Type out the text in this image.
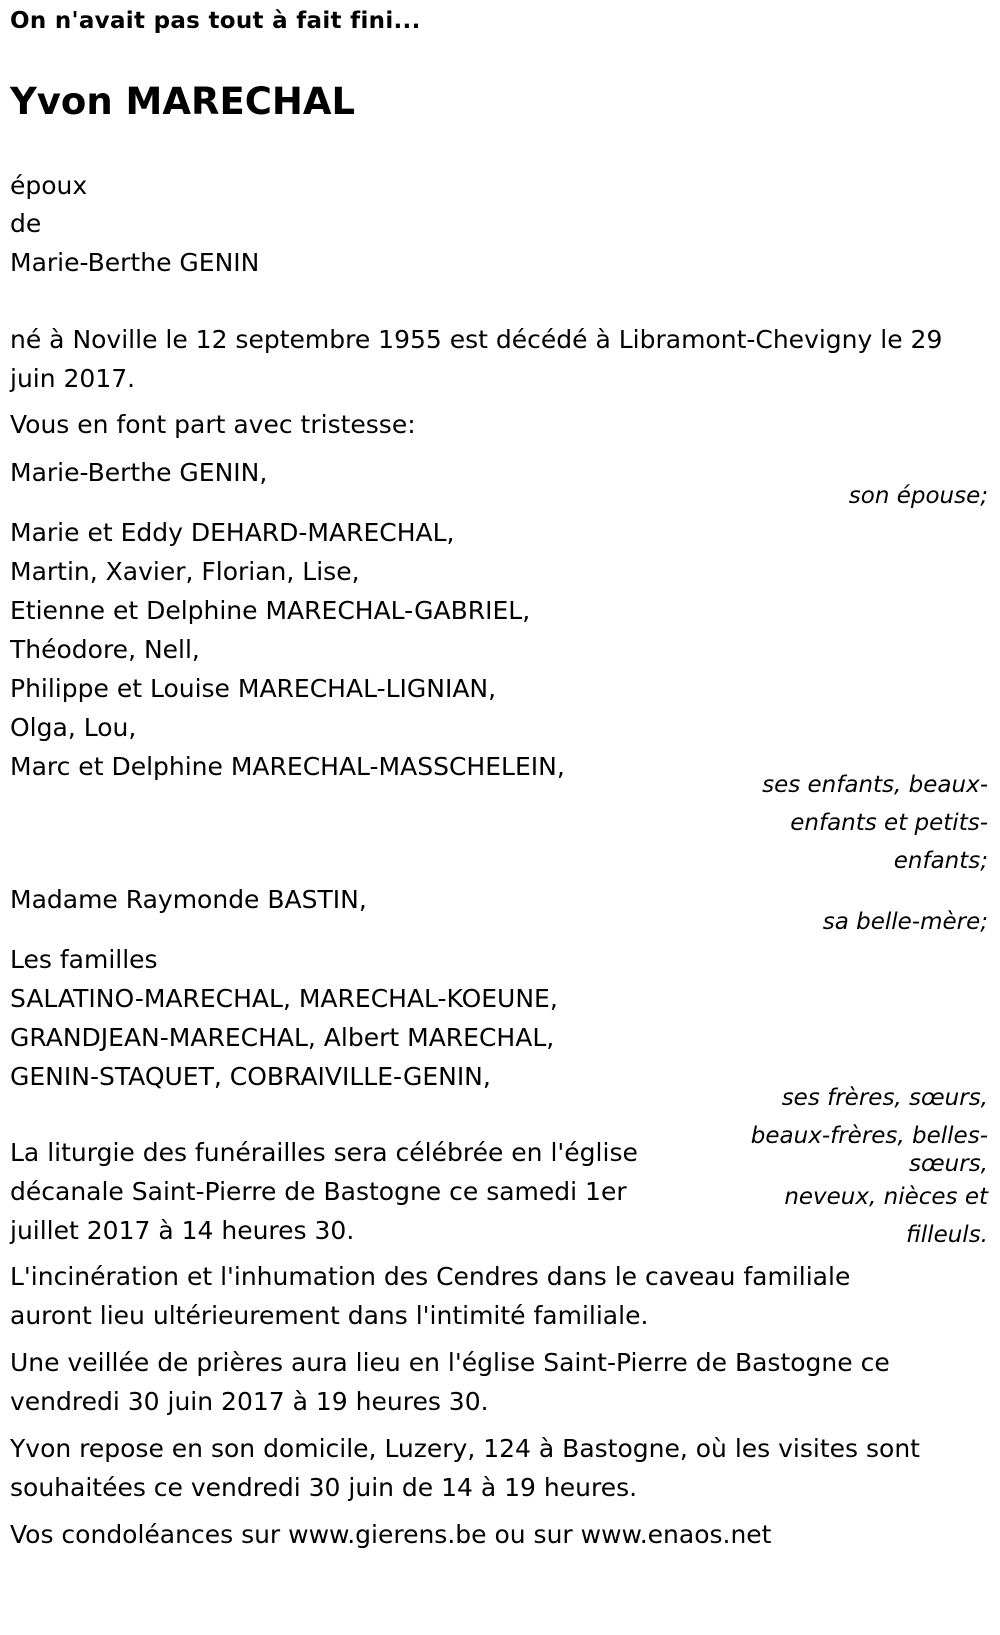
On n'avait pas tout à fait fini...
Yvon MARECHAL
époux
de
Marie-Berthe GENIN
né à Noville le 12 septembre 1955 est décédé à Libramont-Chevigny le 29 juin 2017.
Vous en font part avec tristesse:
Marie-Berthe GENIN,
son épouse;
Marie et Eddy DEHARD-MARECHAL,
Martin, Xavier, Florian, Lise,
Etienne et Delphine MARECHAL-GABRIEL,
Théodore, Nell,
Philippe et Louise MARECHAL-LIGNIAN,
Olga, Lou,
Marc et Delphine MARECHAL-MASSCHELEIN,
ses enfants, beaux-
enfants et petits-
enfants;
Madame Raymonde BASTIN,
sa belle-mère;
Les familles
SALATINO-MARECHAL, MARECHAL-KOEUNE,
GRANDJEAN-MARECHAL, Albert MARECHAL,
GENIN-STAQUET, COBRAIVILLE-GENIN,
ses frères, sœurs,
beaux-frères, belles-
sœurs,
neveux, nièces et
filleuls.
La liturgie des funérailles sera célébrée en l'église
décanale Saint-Pierre de Bastogne ce samedi 1er
juillet 2017 à 14 heures 30.
L'incinération et l'inhumation des Cendres dans le caveau familiale auront lieu ultérieurement dans l'intimité familiale.
Une veillée de prières aura lieu en l'église Saint-Pierre de Bastogne ce vendredi 30 juin 2017 à 19 heures 30.
Yvon repose en son domicile, Luzery, 124 à Bastogne, où les visites sont souhaitées ce vendredi 30 juin de 14 à 19 heures.
Vos condoléances sur www.gierens.be ou sur www.enaos.net
